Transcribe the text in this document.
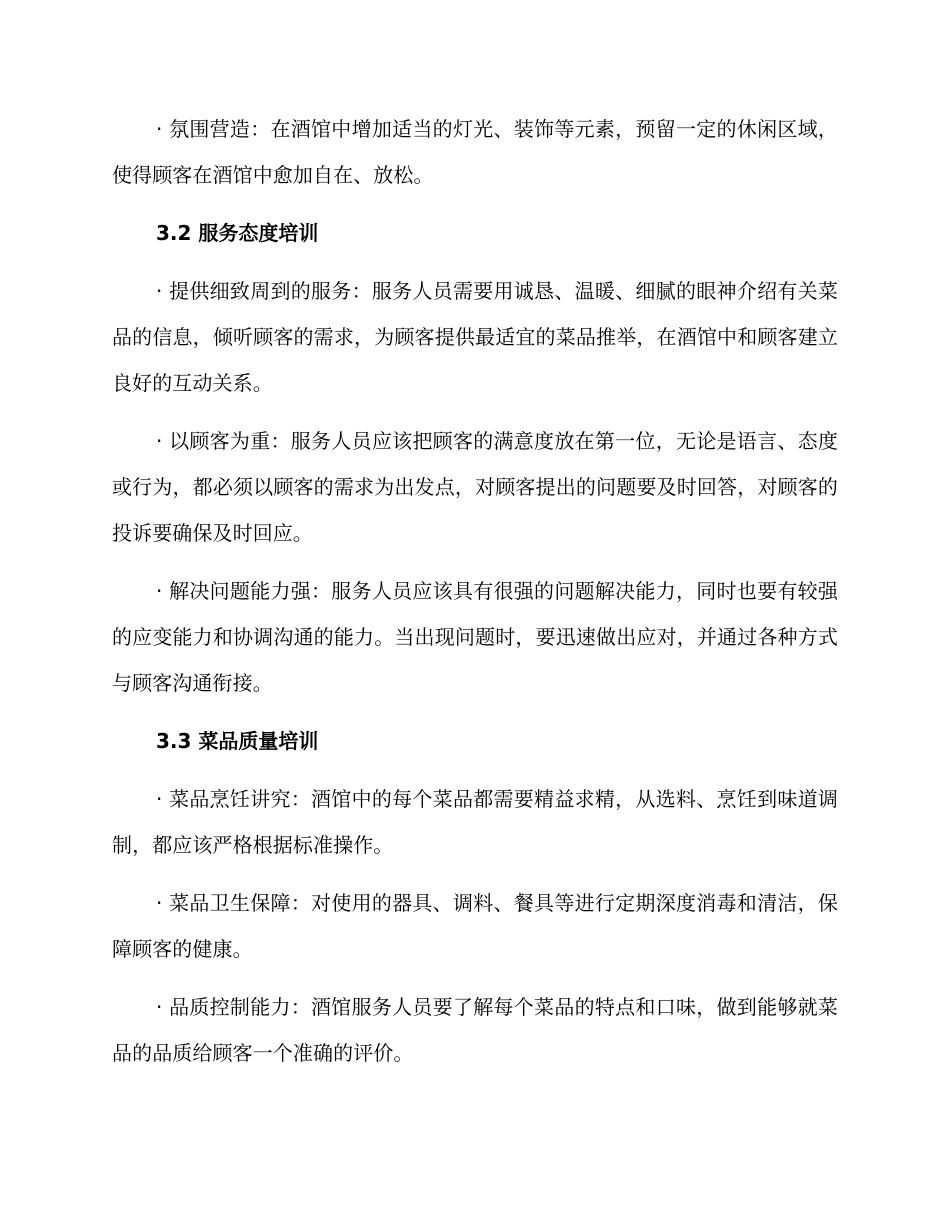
· 氛围营造：在酒馆中增加适当的灯光、装饰等元素，预留一定的休闲区域，使得顾客在酒馆中愈加自在、放松。

3.2 服务态度培训

· 提供细致周到的服务：服务人员需要用诚恳、温暖、细腻的眼神介绍有关菜品的信息，倾听顾客的需求，为顾客提供最适宜的菜品推举，在酒馆中和顾客建立良好的互动关系。

· 以顾客为重：服务人员应该把顾客的满意度放在第一位，无论是语言、态度或行为，都必须以顾客的需求为出发点，对顾客提出的问题要及时回答，对顾客的投诉要确保及时回应。

· 解决问题能力强：服务人员应该具有很强的问题解决能力，同时也要有较强的应变能力和协调沟通的能力。当出现问题时，要迅速做出应对，并通过各种方式与顾客沟通衔接。

3.3 菜品质量培训

· 菜品烹饪讲究：酒馆中的每个菜品都需要精益求精，从选料、烹饪到味道调制，都应该严格根据标准操作。

· 菜品卫生保障：对使用的器具、调料、餐具等进行定期深度消毒和清洁，保障顾客的健康。

· 品质控制能力：酒馆服务人员要了解每个菜品的特点和口味，做到能够就菜品的品质给顾客一个准确的评价。
